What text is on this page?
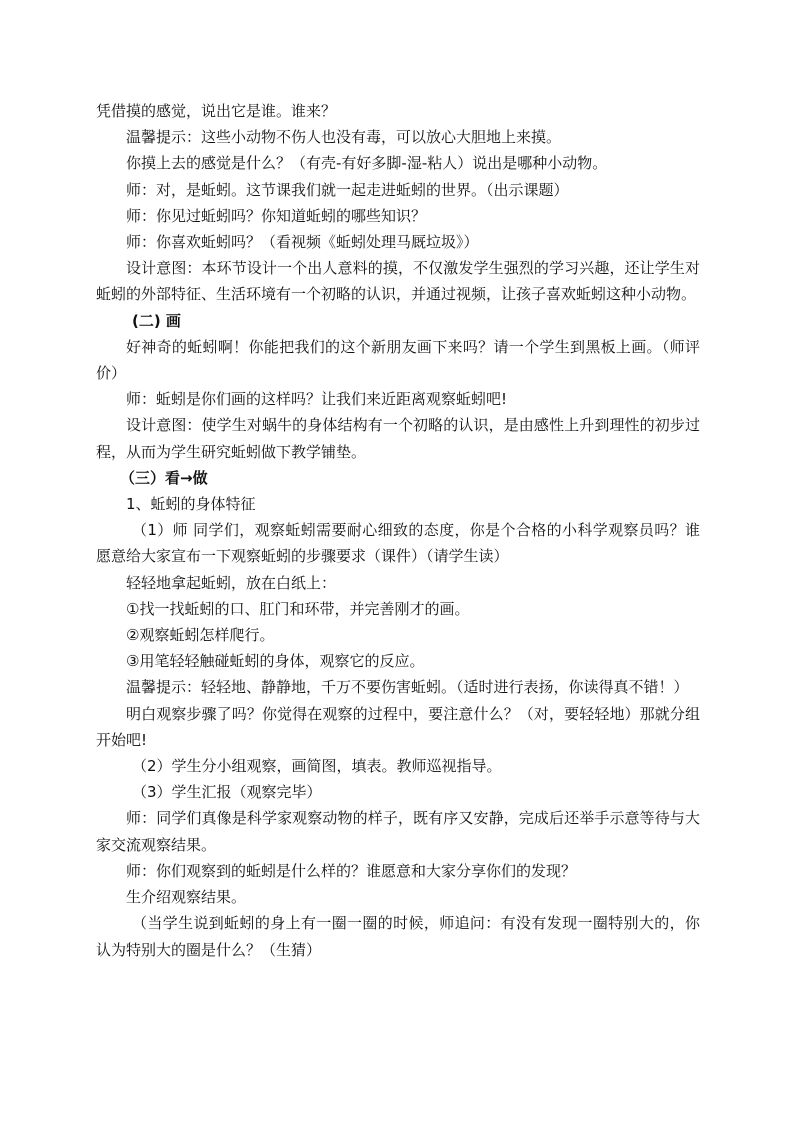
凭借摸的感觉，说出它是谁。谁来？

温馨提示：这些小动物不伤人也没有毒，可以放心大胆地上来摸。

你摸上去的感觉是什么？（有壳-有好多脚-湿-粘人）说出是哪种小动物。

师：对，是蚯蚓。这节课我们就一起走进蚯蚓的世界。（出示课题）

师：你见过蚯蚓吗？你知道蚯蚓的哪些知识？

师：你喜欢蚯蚓吗？（看视频《蚯蚓处理马厩垃圾》）

设计意图：本环节设计一个出人意料的摸，不仅激发学生强烈的学习兴趣，还让学生对蚯蚓的外部特征、生活环境有一个初略的认识，并通过视频，让孩子喜欢蚯蚓这种小动物。

(二) 画

好神奇的蚯蚓啊！你能把我们的这个新朋友画下来吗？请一个学生到黑板上画。（师评价）

师：蚯蚓是你们画的这样吗？让我们来近距离观察蚯蚓吧!

设计意图：使学生对蜗牛的身体结构有一个初略的认识，是由感性上升到理性的初步过程，从而为学生研究蚯蚓做下教学铺垫。

（三）看→做

1、蚯蚓的身体特征

（1）师 同学们，观察蚯蚓需要耐心细致的态度，你是个合格的小科学观察员吗？谁愿意给大家宣布一下观察蚯蚓的步骤要求（课件）（请学生读）

轻轻地拿起蚯蚓，放在白纸上：

①找一找蚯蚓的口、肛门和环带，并完善刚才的画。

②观察蚯蚓怎样爬行。

③用笔轻轻触碰蚯蚓的身体，观察它的反应。

温馨提示：轻轻地、静静地，千万不要伤害蚯蚓。（适时进行表扬，你读得真不错！）

明白观察步骤了吗？你觉得在观察的过程中，要注意什么？（对，要轻轻地）那就分组开始吧!

（2）学生分小组观察，画简图，填表。教师巡视指导。

（3）学生汇报（观察完毕）

师：同学们真像是科学家观察动物的样子，既有序又安静，完成后还举手示意等待与大家交流观察结果。

师：你们观察到的蚯蚓是什么样的？谁愿意和大家分享你们的发现？

生介绍观察结果。

（当学生说到蚯蚓的身上有一圈一圈的时候，师追问：有没有发现一圈特别大的，你认为特别大的圈是什么？（生猜）
